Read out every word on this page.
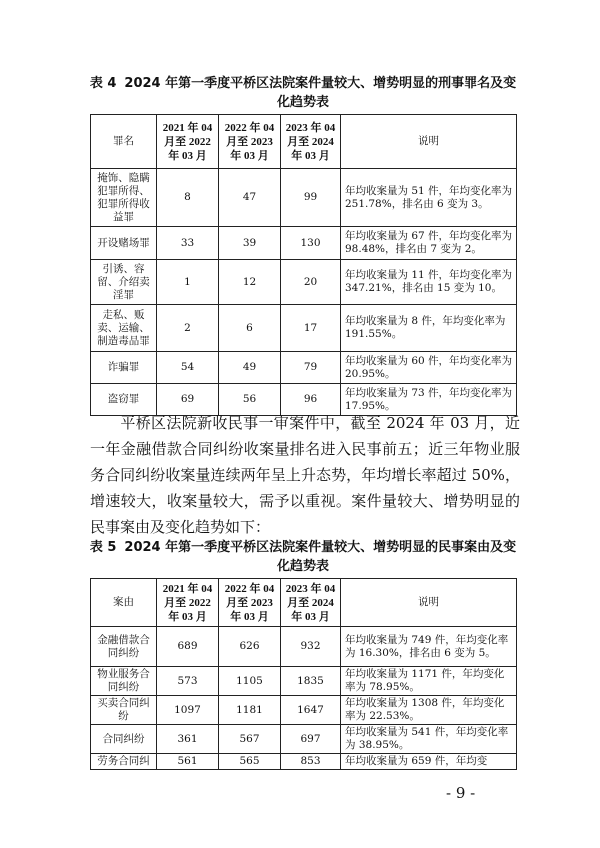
表 4 2024 年第一季度平桥区法院案件量较大、增势明显的刑事罪名及变化趋势表
罪名	2021 年 04 月至 2022 年 03 月	2022 年 04 月至 2023 年 03 月	2023 年 04 月至 2024 年 03 月	说明
掩饰、隐瞒犯罪所得、犯罪所得收益罪	8	47	99	年均收案量为 51 件，年均变化率为 251.78%，排名由 6 变为 3。
开设赌场罪	33	39	130	年均收案量为 67 件，年均变化率为 98.48%，排名由 7 变为 2。
引诱、容留、介绍卖淫罪	1	12	20	年均收案量为 11 件，年均变化率为 347.21%，排名由 15 变为 10。
走私、贩卖、运输、制造毒品罪	2	6	17	年均收案量为 8 件，年均变化率为 191.55%。
诈骗罪	54	49	79	年均收案量为 60 件，年均变化率为 20.95%。
盗窃罪	69	56	96	年均收案量为 73 件，年均变化率为 17.95%。
平桥区法院新收民事一审案件中，截至 2024 年 03 月，近一年金融借款合同纠纷收案量排名进入民事前五；近三年物业服务合同纠纷收案量连续两年呈上升态势，年均增长率超过 50%，增速较大，收案量较大，需予以重视。案件量较大、增势明显的民事案由及变化趋势如下：
表 5 2024 年第一季度平桥区法院案件量较大、增势明显的民事案由及变化趋势表
案由	2021 年 04 月至 2022 年 03 月	2022 年 04 月至 2023 年 03 月	2023 年 04 月至 2024 年 03 月	说明
金融借款合同纠纷	689	626	932	年均收案量为 749 件，年均变化率为 16.30%，排名由 6 变为 5。
物业服务合同纠纷	573	1105	1835	年均收案量为 1171 件，年均变化率为 78.95%。
买卖合同纠纷	1097	1181	1647	年均收案量为 1308 件，年均变化率为 22.53%。
合同纠纷	361	567	697	年均收案量为 541 件，年均变化率为 38.95%。
劳务合同纠	561	565	853	年均收案量为 659 件，年均变
- 9 -
